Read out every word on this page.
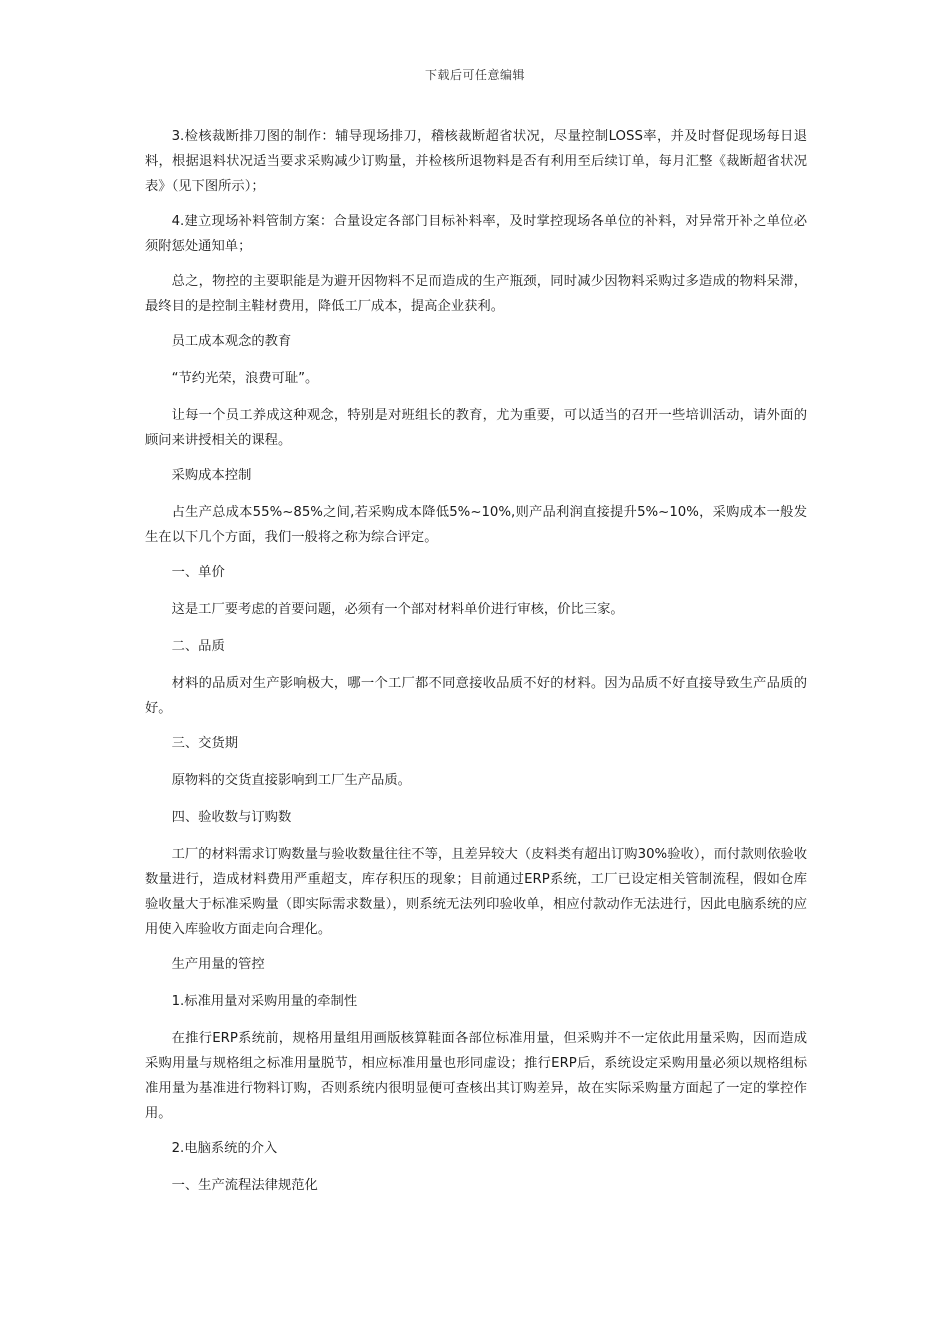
下载后可任意编辑

3.检核裁断排刀图的制作：辅导现场排刀，稽核裁断超省状况，尽量控制LOSS率，并及时督促现场每日退料，根据退料状况适当要求采购减少订购量，并检核所退物料是否有利用至后续订单，每月汇整《裁断超省状况表》（见下图所示）；

4.建立现场补料管制方案：合量设定各部门目标补料率，及时掌控现场各单位的补料，对异常开补之单位必须附惩处通知单；

总之，物控的主要职能是为避开因物料不足而造成的生产瓶颈，同时减少因物料采购过多造成的物料呆滞，最终目的是控制主鞋材费用，降低工厂成本，提高企业获利。

员工成本观念的教育

“节约光荣，浪费可耻”。

让每一个员工养成这种观念，特别是对班组长的教育，尤为重要，可以适当的召开一些培训活动，请外面的顾问来讲授相关的课程。

采购成本控制

占生产总成本55%~85%之间,若采购成本降低5%~10%,则产品利润直接提升5%~10%，采购成本一般发生在以下几个方面，我们一般将之称为综合评定。

一、单价

这是工厂要考虑的首要问题，必须有一个部对材料单价进行审核，价比三家。

二、品质

材料的品质对生产影响极大，哪一个工厂都不同意接收品质不好的材料。因为品质不好直接导致生产品质的好。

三、交货期

原物料的交货直接影响到工厂生产品质。

四、验收数与订购数

工厂的材料需求订购数量与验收数量往往不等，且差异较大（皮料类有超出订购30%验收），而付款则依验收数量进行，造成材料费用严重超支，库存积压的现象；目前通过ERP系统，工厂已设定相关管制流程，假如仓库验收量大于标准采购量（即实际需求数量），则系统无法列印验收单，相应付款动作无法进行，因此电脑系统的应用使入库验收方面走向合理化。

生产用量的管控

1.标准用量对采购用量的牵制性

在推行ERP系统前，规格用量组用画版核算鞋面各部位标准用量，但采购并不一定依此用量采购，因而造成采购用量与规格组之标准用量脱节，相应标准用量也形同虚设；推行ERP后，系统设定采购用量必须以规格组标准用量为基准进行物料订购，否则系统内很明显便可查核出其订购差异，故在实际采购量方面起了一定的掌控作用。

2.电脑系统的介入

一、生产流程法律规范化
